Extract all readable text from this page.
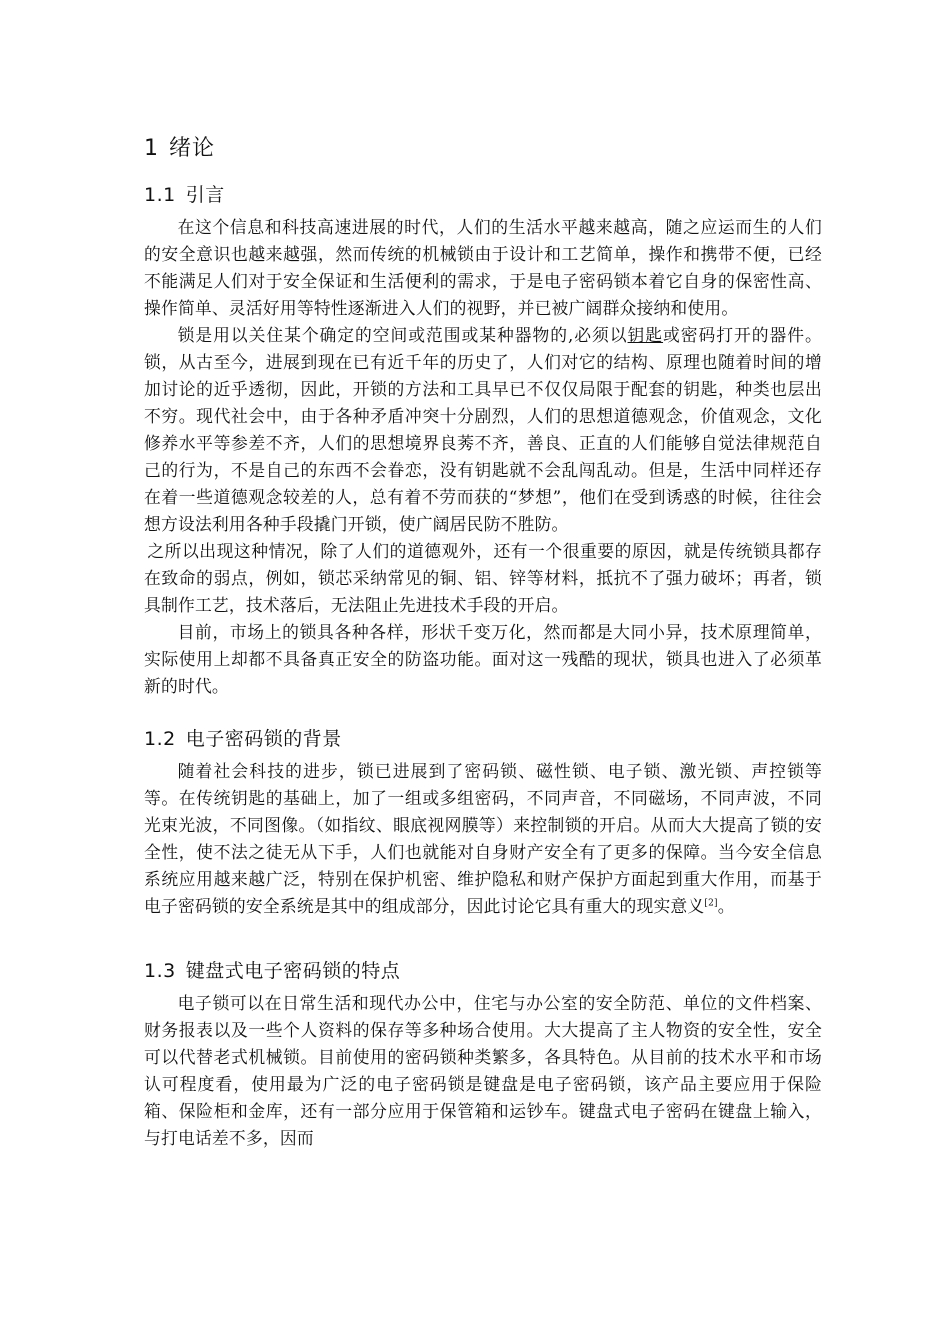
1 绪论
1.1 引言

在这个信息和科技高速进展的时代，人们的生活水平越来越高，随之应运而生的人们的安全意识也越来越强，然而传统的机械锁由于设计和工艺简单，操作和携带不便，已经不能满足人们对于安全保证和生活便利的需求，于是电子密码锁本着它自身的保密性高、操作简单、灵活好用等特性逐渐进入人们的视野，并已被广阔群众接纳和使用。

锁是用以关住某个确定的空间或范围或某种器物的,必须以钥匙或密码打开的器件。锁，从古至今，进展到现在已有近千年的历史了，人们对它的结构、原理也随着时间的增加讨论的近乎透彻，因此，开锁的方法和工具早已不仅仅局限于配套的钥匙，种类也层出不穷。现代社会中，由于各种矛盾冲突十分剧烈，人们的思想道德观念，价值观念，文化修养水平等参差不齐，人们的思想境界良莠不齐，善良、正直的人们能够自觉法律规范自己的行为，不是自己的东西不会眷恋，没有钥匙就不会乱闯乱动。但是，生活中同样还存在着一些道德观念较差的人，总有着不劳而获的“梦想”，他们在受到诱惑的时候，往往会想方设法利用各种手段撬门开锁，使广阔居民防不胜防。

之所以出现这种情况，除了人们的道德观外，还有一个很重要的原因，就是传统锁具都存在致命的弱点，例如，锁芯采纳常见的铜、铝、锌等材料，抵抗不了强力破坏；再者，锁具制作工艺，技术落后，无法阻止先进技术手段的开启。

目前，市场上的锁具各种各样，形状千变万化，然而都是大同小异，技术原理简单，实际使用上却都不具备真正安全的防盗功能。面对这一残酷的现状，锁具也进入了必须革新的时代。

1.2 电子密码锁的背景

随着社会科技的进步，锁已进展到了密码锁、磁性锁、电子锁、激光锁、声控锁等等。在传统钥匙的基础上，加了一组或多组密码，不同声音，不同磁场，不同声波，不同光束光波，不同图像。（如指纹、眼底视网膜等）来控制锁的开启。从而大大提高了锁的安全性，使不法之徒无从下手，人们也就能对自身财产安全有了更多的保障。当今安全信息系统应用越来越广泛，特别在保护机密、维护隐私和财产保护方面起到重大作用，而基于电子密码锁的安全系统是其中的组成部分，因此讨论它具有重大的现实意义[2]。

1.3 键盘式电子密码锁的特点

电子锁可以在日常生活和现代办公中，住宅与办公室的安全防范、单位的文件档案、财务报表以及一些个人资料的保存等多种场合使用。大大提高了主人物资的安全性，安全可以代替老式机械锁。目前使用的密码锁种类繁多，各具特色。从目前的技术水平和市场认可程度看，使用最为广泛的电子密码锁是键盘是电子密码锁，该产品主要应用于保险箱、保险柜和金库，还有一部分应用于保管箱和运钞车。键盘式电子密码在键盘上输入，与打电话差不多，因而
